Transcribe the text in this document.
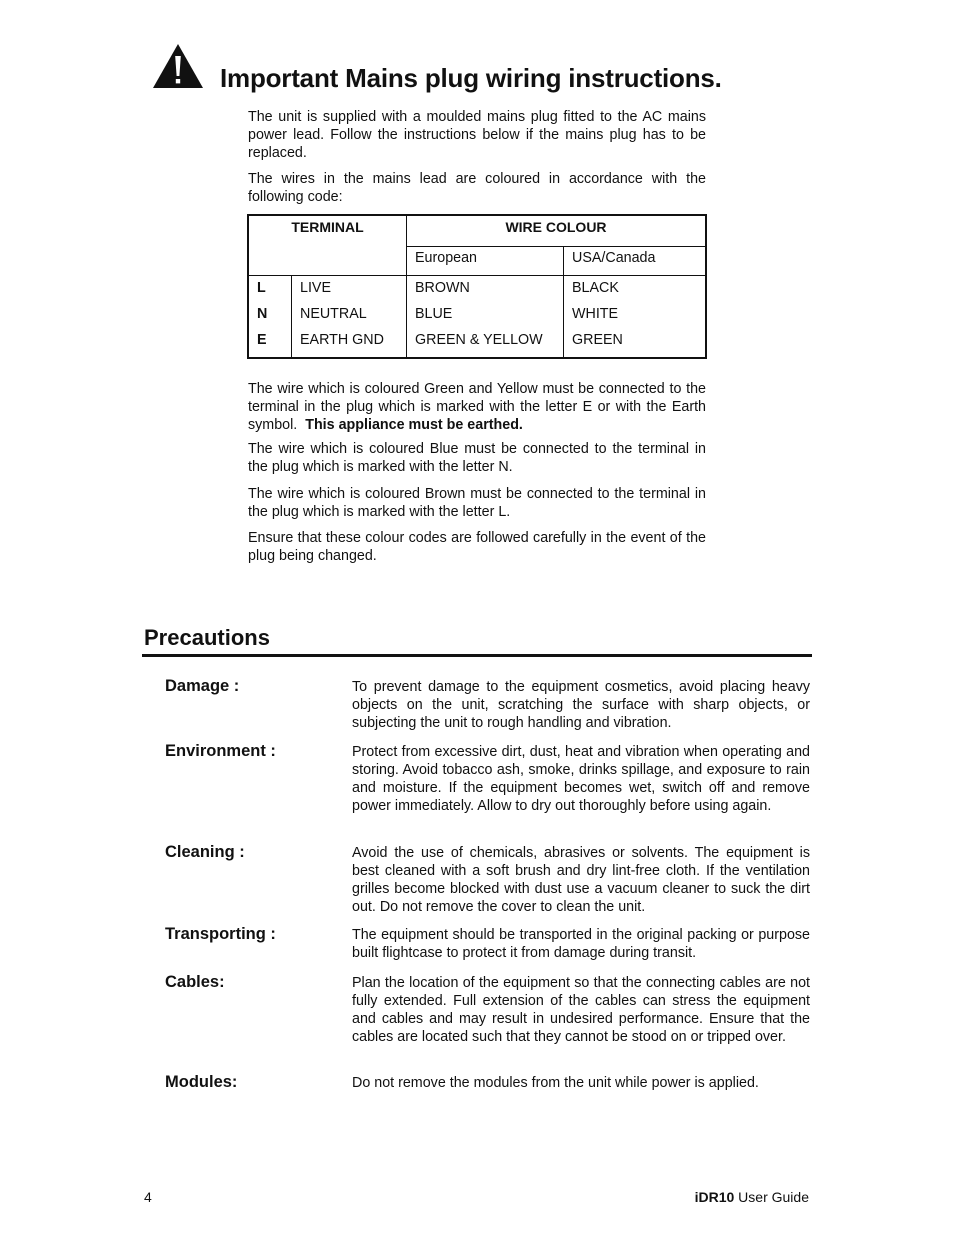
Important Mains plug wiring instructions.

The unit is supplied with a moulded mains plug fitted to the AC mains power lead. Follow the instructions below if the mains plug has to be replaced.

The wires in the mains lead are coloured in accordance with the following code:

TERMINAL		WIRE COLOUR	
		European	USA/Canada
L	LIVE	BROWN	BLACK
N	NEUTRAL	BLUE	WHITE
E	EARTH GND	GREEN & YELLOW	GREEN

The wire which is coloured Green and Yellow must be connected to the terminal in the plug which is marked with the letter E or with the Earth symbol. This appliance must be earthed.

The wire which is coloured Blue must be connected to the terminal in the plug which is marked with the letter N.

The wire which is coloured Brown must be connected to the terminal in the plug which is marked with the letter L.

Ensure that these colour codes are followed carefully in the event of the plug being changed.

Precautions
Damage :	To prevent damage to the equipment cosmetics, avoid placing heavy objects on the unit, scratching the surface with sharp objects, or subjecting the unit to rough handling and vibration.

Environment :	Protect from excessive dirt, dust, heat and vibration when operating and storing. Avoid tobacco ash, smoke, drinks spillage, and exposure to rain and moisture. If the equipment becomes wet, switch off and remove power immediately. Allow to dry out thoroughly before using again.

Cleaning :	Avoid the use of chemicals, abrasives or solvents. The equipment is best cleaned with a soft brush and dry lint-free cloth. If the ventilation grilles become blocked with dust use a vacuum cleaner to suck the dirt out. Do not remove the cover to clean the unit.

Transporting :	The equipment should be transported in the original packing or purpose built flightcase to protect it from damage during transit.

Cables:	Plan the location of the equipment so that the connecting cables are not fully extended. Full extension of the cables can stress the equipment and cables and may result in undesired performance. Ensure that the cables are located such that they cannot be stood on or tripped over.

Modules:	Do not remove the modules from the unit while power is applied.

4	iDR10 User Guide
